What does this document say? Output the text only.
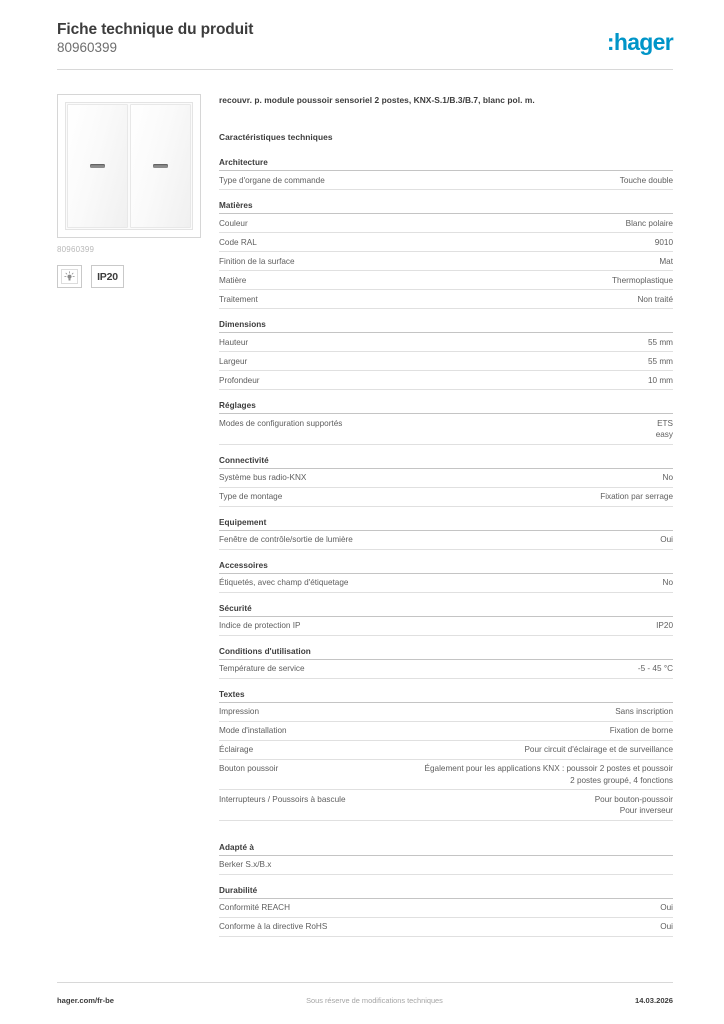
Fiche technique du produit
80960399	:hager
80960399
IP20
recouvr. p. module poussoir sensoriel 2 postes, KNX-S.1/B.3/B.7, blanc pol. m.
Caractéristiques techniques
Architecture
Type d'organe de commande	Touche double
Matières
Couleur	Blanc polaire
Code RAL	9010
Finition de la surface	Mat
Matière	Thermoplastique
Traitement	Non traité
Dimensions
Hauteur	55 mm
Largeur	55 mm
Profondeur	10 mm
Réglages
Modes de configuration supportés	ETS
easy
Connectivité
Système bus radio-KNX	No
Type de montage	Fixation par serrage
Equipement
Fenêtre de contrôle/sortie de lumière	Oui
Accessoires
Étiquetés, avec champ d'étiquetage	No
Sécurité
Indice de protection IP	IP20
Conditions d'utilisation
Température de service	-5 - 45 °C
Textes
Impression	Sans inscription
Mode d'installation	Fixation de borne
Éclairage	Pour circuit d'éclairage et de surveillance
Bouton poussoir	Également pour les applications KNX : poussoir 2 postes et poussoir
2 postes groupé, 4 fonctions
Interrupteurs / Poussoirs à bascule	Pour bouton-poussoir
Pour inverseur
Adapté à
Berker S.x/B.x
Durabilité
Conformité REACH	Oui
Conforme à la directive RoHS	Oui
hager.com/fr-be	Sous réserve de modifications techniques	14.03.2026
